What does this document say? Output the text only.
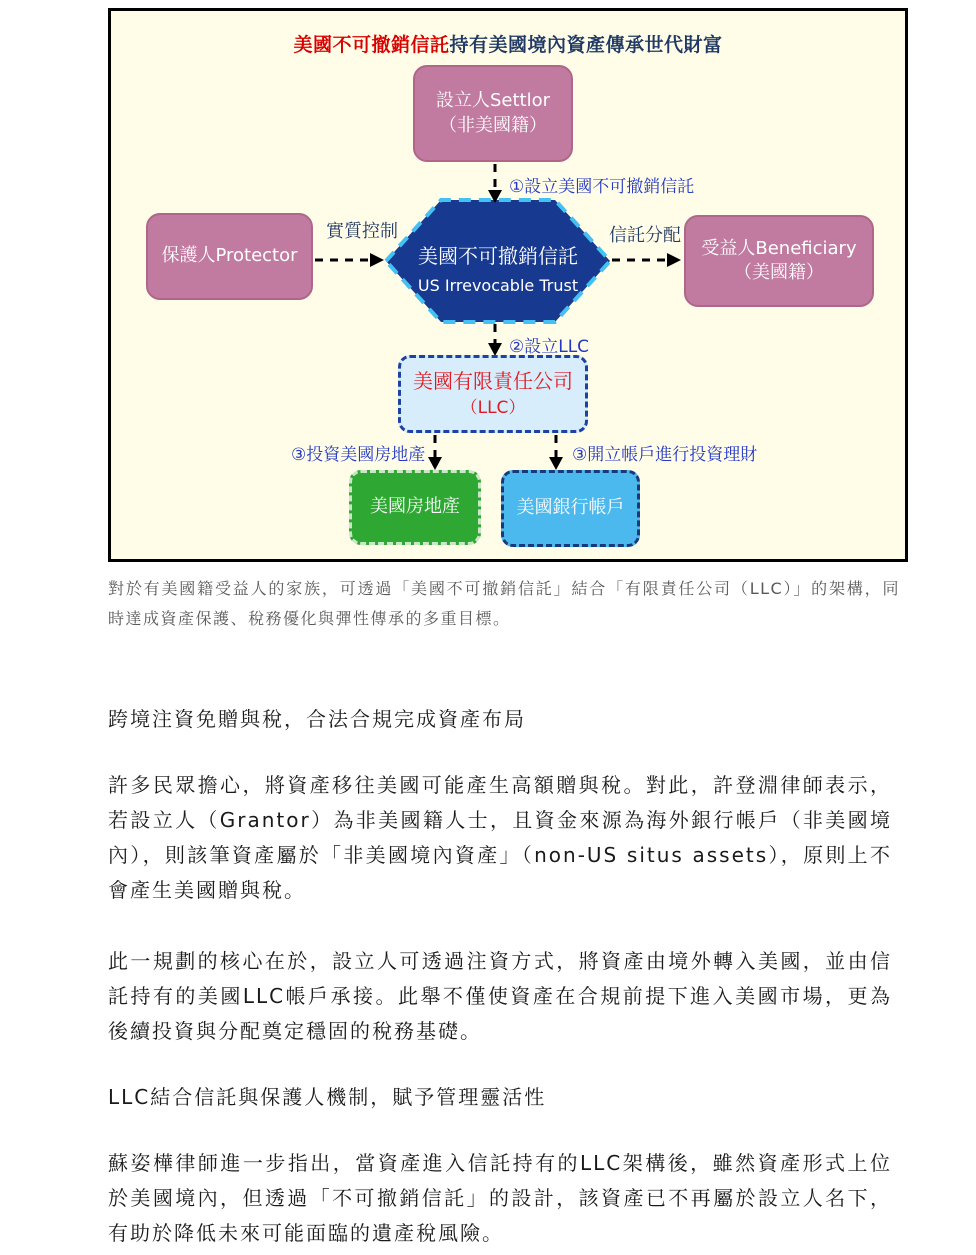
美國不可撤銷信託持有美國境內資產傳承世代財富
設立人Settlor
（非美國籍）
保護人Protector	美國不可撤銷信託
US Irrevocable Trust
受益人Beneficiary
（美國籍）
美國有限責任公司
（LLC）
美國房地產	美國銀行帳戶
①設立美國不可撤銷信託
實質控制	信託分配
②設立LLC
③投資美國房地產	③開立帳戶進行投資理財

對於有美國籍受益人的家族，可透過「美國不可撤銷信託」結合「有限責任公司（LLC）」的架構，同時達成資產保護、稅務優化與彈性傳承的多重目標。

跨境注資免贈與稅，合法合規完成資產布局

許多民眾擔心，將資產移往美國可能產生高額贈與稅。對此，許登淵律師表示，若設立人（Grantor）為非美國籍人士，且資金來源為海外銀行帳戶（非美國境內），則該筆資產屬於「非美國境內資產」（non-US situs assets），原則上不會產生美國贈與稅。

此一規劃的核心在於，設立人可透過注資方式，將資產由境外轉入美國，並由信託持有的美國LLC帳戶承接。此舉不僅使資產在合規前提下進入美國市場，更為後續投資與分配奠定穩固的稅務基礎。

LLC結合信託與保護人機制，賦予管理靈活性

蘇姿樺律師進一步指出，當資產進入信託持有的LLC架構後，雖然資產形式上位於美國境內，但透過「不可撤銷信託」的設計，該資產已不再屬於設立人名下，有助於降低未來可能面臨的遺產稅風險。
